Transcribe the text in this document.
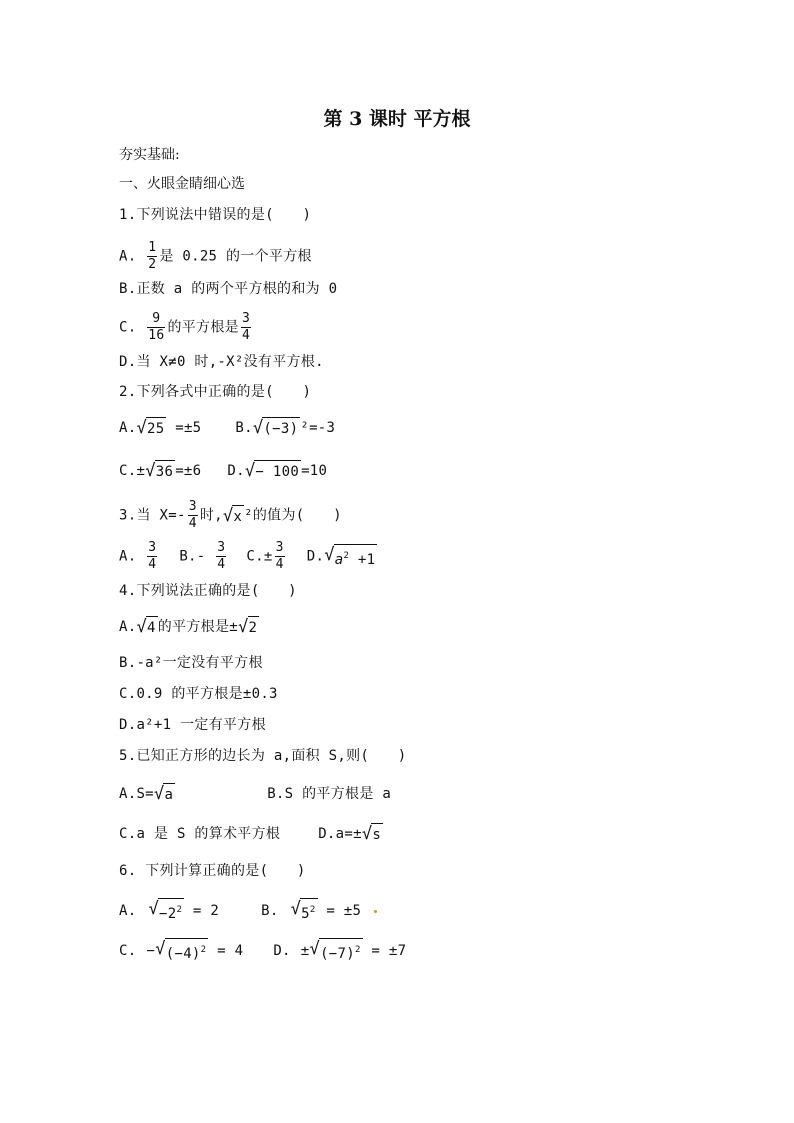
第 3 课时 平方根
夯实基础:
一、火眼金睛细心选
1.下列说法中错误的是(　　)
A. $\frac{1}{2}$ 是 0.25 的一个平方根
B.正数 a 的两个平方根的和为 0
C. $\frac{9}{16}$ 的平方根是 $\frac{3}{4}$
D.当 X≠0 时,-X²没有平方根.
2.下列各式中正确的是(　　)
A. √ 25 =±5 B. √ (−3) ²=-3
C.± √ 36 =±6 D. √ − 100 =10
3.当 $X=- \frac{3}{4}$ 时, √ x ²的值为(　　)
A. $\frac{3}{4} B.- \frac{3}{4} C.\pm \frac{3}{4} D$. √ $a^2 +1$
4.下列说法正确的是(　　)
A. √ 4 的平方根是± √ 2
B.-a²一定没有平方根
C.0.9 的平方根是±0.3
D.a²+1 一定有平方根
5.已知正方形的边长为 a,面积 S,则(　　)
A.S= √ a	B.S 的平方根是 a
C.a 是 S 的算术平方根	D.a=± √ s
6. 下列计算正确的是(　　)
A. √ $-2^2 = 2$	B. √ $5^2 = \pm 5$
C. − √ $(-4)^2 = 4$ D. ± √ $(-7)^2 = \pm 7$
